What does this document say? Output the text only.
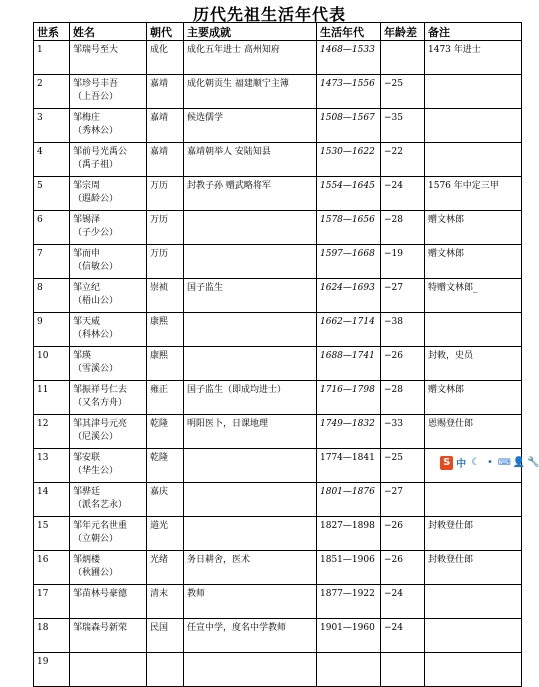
历代先祖生活年代表
世系	姓名	朝代	主要成就	生活年代	年龄差	备注
1	邹瑞号至大	成化	成化五年进士 高州知府	1468—1533		1473 年进士
2	邹珍号丰吾
（上吾公）	嘉靖	成化朝贡生 福建顺宁主簿	1473—1556	−25	
3	邹梅庄
（秀林公）	嘉靖	候选儒学	1508—1567	−35	
4	邹前号光禹公
（禹子祖）	嘉靖	嘉靖朝举人 安陆知县	1530—1622	−22	
5	邹宗周
（遐龄公）	万历	封教子孙 赠武略将军	1554—1645	−24	1576 年中定三甲
6	邹锡泽
（子少公）	万历		1578—1656	−28	赠文林郎
7	邹而申
（信敏公）	万历		1597—1668	−19	赠文林郎
8	邹立纪
（梧山公）	崇祯	国子监生	1624—1693	−27	特赠文林郎_
9	邹天威
（科林公）	康熙		1662—1714	−38	
10	邹瑛
（雪溪公）	康熙		1688—1741	−26	封敕，史员
11	邹振祥号仁去
（又名方舟）	雍正	国子监生（即成均进士）	1716—1798	−28	赠文林郎
12	邹其津号元亮
（尼溪公）	乾隆	明阳医卜，日课地理	1749—1832	−33	恩赐登仕郎
13	邹安联
（华生公）	乾隆		1774—1841	−25	
14	邹骅廷
（派名艺永）	嘉庆		1801—1876	−27	
15	邹年元名世重
（立朝公）	道光		1827—1898	−26	封敕登仕郎
16	邹炳楼
（秋圃公）	光绪	务日耕舍，医术	1851—1906	−26	封敕登仕郎
17	邹苗林号豪德	清末	教师	1877—1922	−24	
18	邹瑞森号新荣	民国	任宣中学，度名中学教师	1901—1960	−24	
19						
S 中 ☾ • ⌨ 👤 🔧
